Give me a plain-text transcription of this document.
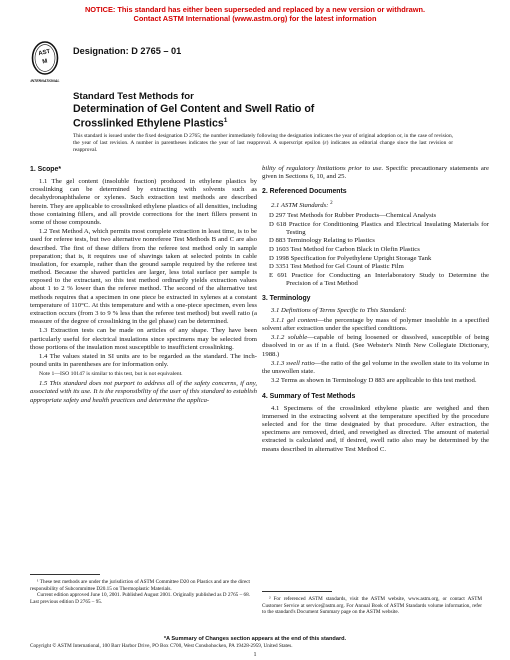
NOTICE: This standard has either been superseded and replaced by a new version or withdrawn.
Contact ASTM International (www.astm.org) for the latest information
AST
M
INTERNATIONAL
Designation: D 2765 – 01
Standard Test Methods for
Determination of Gel Content and Swell Ratio of
Crosslinked Ethylene Plastics$^1$
This standard is issued under the fixed designation D 2765; the number immediately following the designation indicates the year of original adoption or, in the case of revision, the year of last revision. A number in parentheses indicates the year of last reapproval. A superscript epsilon (ε) indicates an editorial change since the last revision or reapproval.
1. Scope*

1.1 The gel content (insoluble fraction) produced in ethylene plastics by crosslinking can be determined by extracting with solvents such as decahydronaphthalene or xylenes. Such extraction test methods are described herein. They are applicable to crosslinked ethylene plastics of all densities, including those containing fillers, and all provide corrections for the inert fillers present in some of those compounds.

1.2 Test Method A, which permits most complete extraction in least time, is to be used for referee tests, but two alternative nonreferee Test Methods B and C are also described. The first of these differs from the referee test method only in sample preparation; that is, it requires use of shavings taken at selected points in cable insulation, for example, rather than the ground sample required by the referee test method. Because the shaved particles are larger, less total surface per sample is exposed to the extractant, so this test method ordinarily yields extraction values about 1 to 2 % lower than the referee method. The second of the alternative test methods requires that a specimen in one piece be extracted in xylenes at a constant temperature of 110°C. At this temperature and with a one-piece specimen, even less extraction occurs (from 3 to 9 % less than the referee test method) but swell ratio (a measure of the degree of crosslinking in the gel phase) can be determined.

1.3 Extraction tests can be made on articles of any shape. They have been particularly useful for electrical insulations since specimens may be selected from those portions of the insulation most susceptible to insufficient crosslinking.

1.4 The values stated in SI units are to be regarded as the standard. The inch-pound units in parentheses are for information only.

Note 1—ISO 10147 is similar to this test, but is not equivalent.

1.5 This standard does not purport to address all of the safety concerns, if any, associated with its use. It is the responsibility of the user of this standard to establish appropriate safety and health practices and determine the applica-

¹ These test methods are under the jurisdiction of ASTM Committee D20 on Plastics and are the direct responsibility of Subcommittee D20.15 on Thermoplastic Materials.

Current edition approved June 10, 2001. Published August 2001. Originally published as D 2765 – 68. Last previous edition D 2765 – 95.

bility of regulatory limitations prior to use. Specific precautionary statements are given in Sections 6, 10, and 25.

2. Referenced Documents
2.1 ASTM Standards: $^2$
D 297 Test Methods for Rubber Products—Chemical Analysis
D 618 Practice for Conditioning Plastics and Electrical Insulating Materials for Testing
D 883 Terminology Relating to Plastics
D 1603 Test Method for Carbon Black in Olefin Plastics
D 1998 Specification for Polyethylene Upright Storage Tank
D 3351 Test Method for Gel Count of Plastic Film
E 691 Practice for Conducting an Interlaboratory Study to Determine the Precision of a Test Method
3. Terminology

3.1 Definitions of Terms Specific to This Standard:

3.1.1 gel content—the percentage by mass of polymer insoluble in a specified solvent after extraction under the specified conditions.

3.1.2 soluble—capable of being loosened or dissolved, susceptible of being dissolved in or as if in a fluid. (See Webster's Ninth New Collegiate Dictionary, 1988.)

3.1.3 swell ratio—the ratio of the gel volume in the swollen state to its volume in the unswollen state.

3.2 Terms as shown in Terminology D 883 are applicable to this test method.

4. Summary of Test Methods

4.1 Specimens of the crosslinked ethylene plastic are weighed and then immersed in the extracting solvent at the temperature specified by the procedure selected and for the time designated by that procedure. After extraction, the specimens are removed, dried, and reweighed as directed. The amount of material extracted is calculated and, if desired, swell ratio also may be determined by the means described in alternative Test Method C.

² For referenced ASTM standards, visit the ASTM website, www.astm.org, or contact ASTM Customer Service at service@astm.org. For Annual Book of ASTM Standards volume information, refer to the standard's Document Summary page on the ASTM website.

*A Summary of Changes section appears at the end of this standard.
Copyright © ASTM International, 100 Barr Harbor Drive, PO Box C700, West Conshohocken, PA 19428-2959, United States.
1
